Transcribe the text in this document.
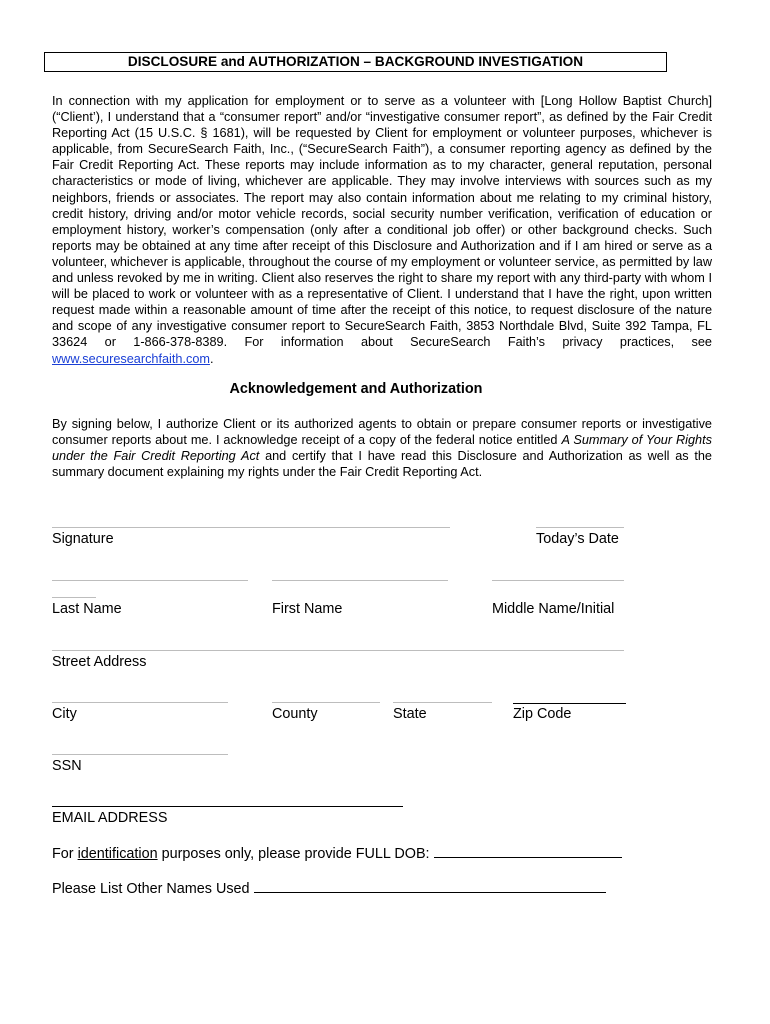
DISCLOSURE and AUTHORIZATION – BACKGROUND INVESTIGATION

In connection with my application for employment or to serve as a volunteer with [Long Hollow Baptist Church] (“Client’), I understand that a “consumer report” and/or “investigative consumer report”, as defined by the Fair Credit Reporting Act (15 U.S.C. § 1681), will be requested by Client for employment or volunteer purposes, whichever is applicable, from SecureSearch Faith, Inc., (“SecureSearch Faith”), a consumer reporting agency as defined by the Fair Credit Reporting Act. These reports may include information as to my character, general reputation, personal characteristics or mode of living, whichever are applicable. They may involve interviews with sources such as my neighbors, friends or associates. The report may also contain information about me relating to my criminal history, credit history, driving and/or motor vehicle records, social security number verification, verification of education or employment history, worker’s compensation (only after a conditional job offer) or other background checks. Such reports may be obtained at any time after receipt of this Disclosure and Authorization and if I am hired or serve as a volunteer, whichever is applicable, throughout the course of my employment or volunteer service, as permitted by law and unless revoked by me in writing. Client also reserves the right to share my report with any third-party with whom I will be placed to work or volunteer with as a representative of Client. I understand that I have the right, upon written request made within a reasonable amount of time after the receipt of this notice, to request disclosure of the nature and scope of any investigative consumer report to SecureSearch Faith, 3853 Northdale Blvd, Suite 392 Tampa, FL 33624 or 1-866-378-8389. For information about SecureSearch Faith’s privacy practices, see www.securesearchfaith.com.

Acknowledgement and Authorization

By signing below, I authorize Client or its authorized agents to obtain or prepare consumer reports or investigative consumer reports about me. I acknowledge receipt of a copy of the federal notice entitled A Summary of Your Rights under the Fair Credit Reporting Act and certify that I have read this Disclosure and Authorization as well as the summary document explaining my rights under the Fair Credit Reporting Act.

Signature	Today’s Date
Last Name	First Name	Middle Name/Initial
Street Address
City	County	State	Zip Code
SSN
EMAIL ADDRESS
For identification purposes only, please provide FULL DOB:
Please List Other Names Used
